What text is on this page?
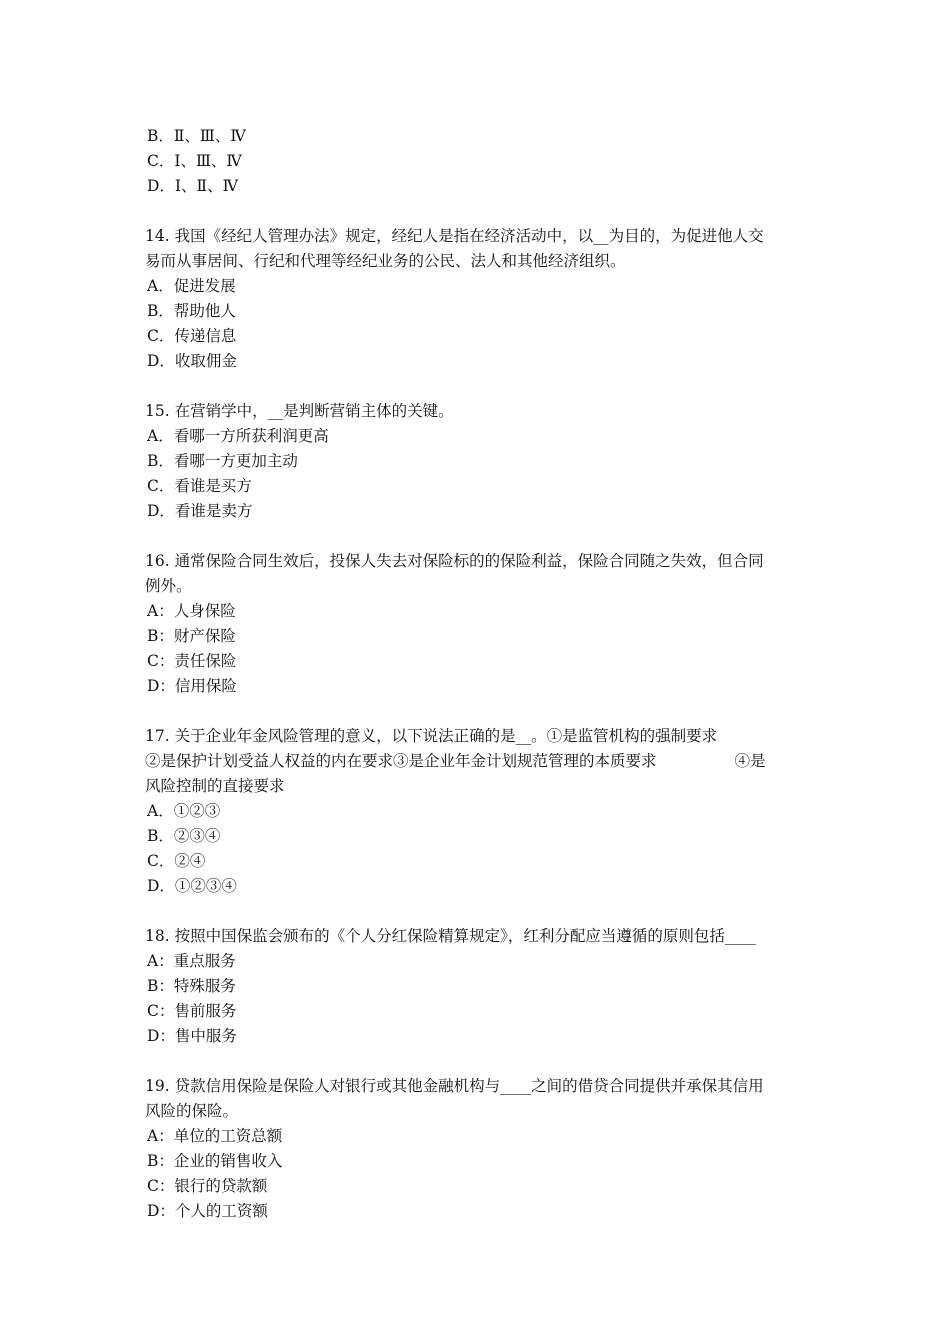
B．Ⅱ、Ⅲ、Ⅳ
C．Ⅰ、Ⅲ、Ⅳ
D．Ⅰ、Ⅱ、Ⅳ
14. 我国《经纪人管理办法》规定，经纪人是指在经济活动中，以__为目的，为促进他人交
易而从事居间、行纪和代理等经纪业务的公民、法人和其他经济组织。
A．促进发展
B．帮助他人
C．传递信息
D．收取佣金
15. 在营销学中，__是判断营销主体的关键。
A．看哪一方所获利润更高
B．看哪一方更加主动
C．看谁是买方
D．看谁是卖方
16. 通常保险合同生效后，投保人失去对保险标的的保险利益，保险合同随之失效，但合同
例外。
A：人身保险
B：财产保险
C：责任保险
D：信用保险
17. 关于企业年金风险管理的意义，以下说法正确的是__。①是监管机构的强制要求
②是保护计划受益人权益的内在要求③是企业年金计划规范管理的本质要求	④是
风险控制的直接要求
A．①②③
B．②③④
C．②④
D．①②③④
18. 按照中国保监会颁布的《个人分红保险精算规定》，红利分配应当遵循的原则包括____
A：重点服务
B：特殊服务
C：售前服务
D：售中服务
19. 贷款信用保险是保险人对银行或其他金融机构与____之间的借贷合同提供并承保其信用
风险的保险。
A：单位的工资总额
B：企业的销售收入
C：银行的贷款额
D：个人的工资额
